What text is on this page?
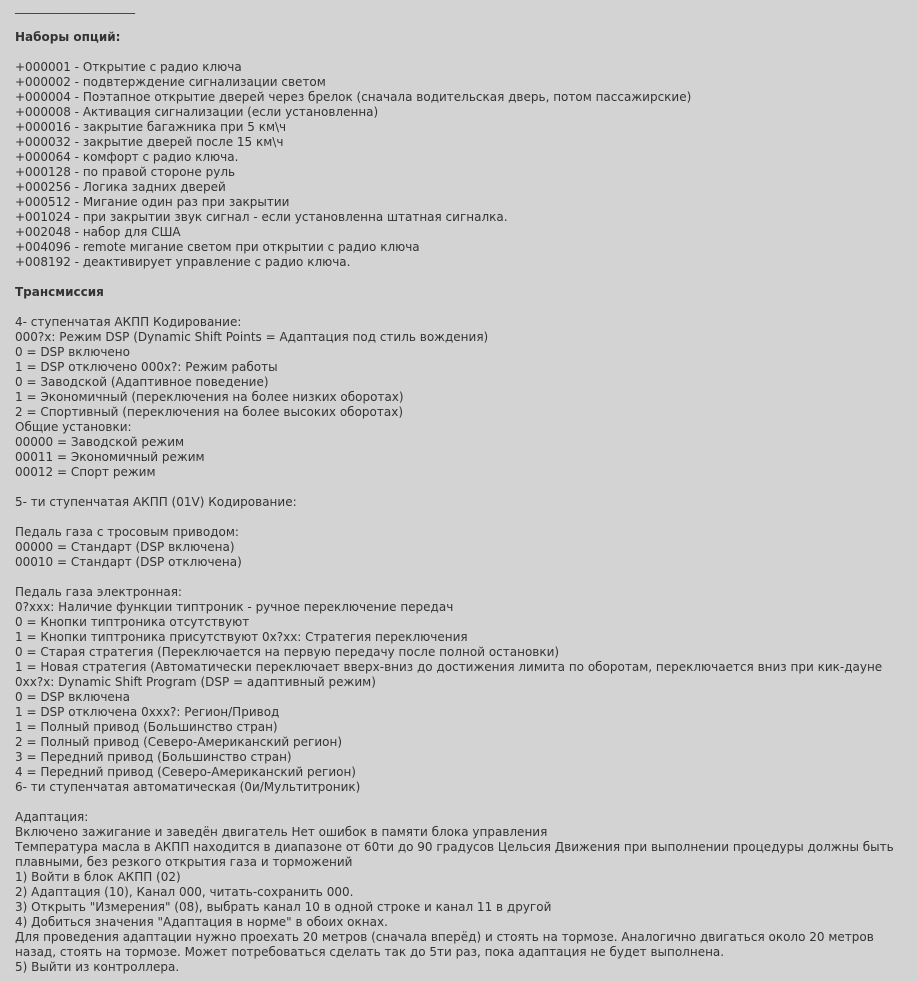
____________________
Наборы опций:
+000001 - Открытие с радио ключа
+000002 - подвтерждение сигнализации светом
+000004 - Поэтапное открытие дверей через брелок (сначала водительская дверь, потом пассажирские)
+000008 - Активация сигнализации (если установленна)
+000016 - закрытие багажника при 5 км\ч
+000032 - закрытие дверей после 15 км\ч
+000064 - комфорт с радио ключа.
+000128 - по правой стороне руль
+000256 - Логика задних дверей
+000512 - Мигание один раз при закрытии
+001024 - при закрытии звук сигнал - если установленна штатная сигналка.
+002048 - набор для США
+004096 - remote мигание светом при открытии с радио ключа
+008192 - деактивирует управление с радио ключа.
Трансмиссия
4- ступенчатая АКПП Кодирование:
000?x: Режим DSP (Dynamic Shift Points = Адаптация под стиль вождения)
0 = DSP включено
1 = DSP отключено 000x?: Режим работы
0 = Заводской (Адаптивное поведение)
1 = Экономичный (переключения на более низких оборотах)
2 = Спортивный (переключения на более высоких оборотах)
Общие установки:
00000 = Заводской режим
00011 = Экономичный режим
00012 = Спорт режим
5- ти ступенчатая АКПП (01V) Кодирование:
Педаль газа с тросовым приводом:
00000 = Стандарт (DSP включена)
00010 = Стандарт (DSP отключена)
Педаль газа электронная:
0?xxx: Наличие функции типтроник - ручное переключение передач
0 = Кнопки типтроника отсутствуют
1 = Кнопки типтроника присутствуют 0x?xx: Стратегия переключения
0 = Старая стратегия (Переключается на первую передачу после полной остановки)
1 = Новая стратегия (Автоматически переключает вверх-вниз до достижения лимита по оборотам, переключается вниз при кик-дауне
0xx?x: Dynamic Shift Program (DSP = адаптивный режим)
0 = DSP включена
1 = DSP отключена 0xxx?: Регион/Привод
1 = Полный привод (Большинство стран)
2 = Полный привод (Северо-Американский регион)
3 = Передний привод (Большинство стран)
4 = Передний привод (Северо-Американский регион)
6- ти ступенчатая автоматическая (0и/Мультитроник)
Адаптация:
Включено зажигание и заведён двигатель Нет ошибок в памяти блока управления
Температура масла в АКПП находится в диапазоне от 60ти до 90 градусов Цельсия Движения при выполнении процедуры должны быть плавными, без резкого открытия газа и торможений
1) Войти в блок АКПП (02)
2) Адаптация (10), Канал 000, читать-сохранить 000.
3) Открыть "Измерения" (08), выбрать канал 10 в одной строке и канал 11 в другой
4) Добиться значения "Адаптация в норме" в обоих окнах.
Для проведения адаптации нужно проехать 20 метров (сначала вперёд) и стоять на тормозе. Аналогично двигаться около 20 метров назад, стоять на тормозе. Может потребоваться сделать так до 5ти раз, пока адаптация не будет выполнена.
5) Выйти из контроллера.
